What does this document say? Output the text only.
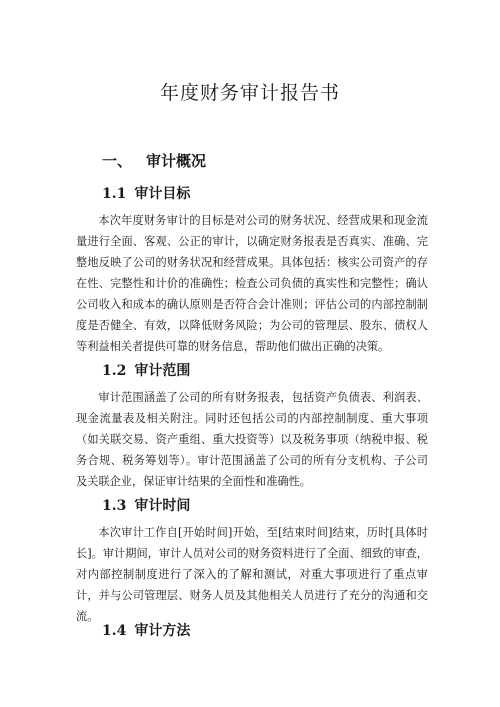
年度财务审计报告书
一、 审计概况
1.1 审计目标

本次年度财务审计的目标是对公司的财务状况、经营成果和现金流量进行全面、客观、公正的审计，以确定财务报表是否真实、准确、完整地反映了公司的财务状况和经营成果。具体包括：核实公司资产的存在性、完整性和计价的准确性；检查公司负债的真实性和完整性；确认公司收入和成本的确认原则是否符合会计准则；评估公司的内部控制制度是否健全、有效，以降低财务风险；为公司的管理层、股东、债权人等利益相关者提供可靠的财务信息，帮助他们做出正确的决策。

1.2 审计范围

审计范围涵盖了公司的所有财务报表，包括资产负债表、利润表、现金流量表及相关附注。同时还包括公司的内部控制制度、重大事项（如关联交易、资产重组、重大投资等）以及税务事项（纳税申报、税务合规、税务筹划等）。审计范围涵盖了公司的所有分支机构、子公司及关联企业，保证审计结果的全面性和准确性。

1.3 审计时间

本次审计工作自[开始时间]开始，至[结束时间]结束，历时[具体时长]。审计期间，审计人员对公司的财务资料进行了全面、细致的审查，对内部控制制度进行了深入的了解和测试，对重大事项进行了重点审计，并与公司管理层、财务人员及其他相关人员进行了充分的沟通和交流。

1.4 审计方法
